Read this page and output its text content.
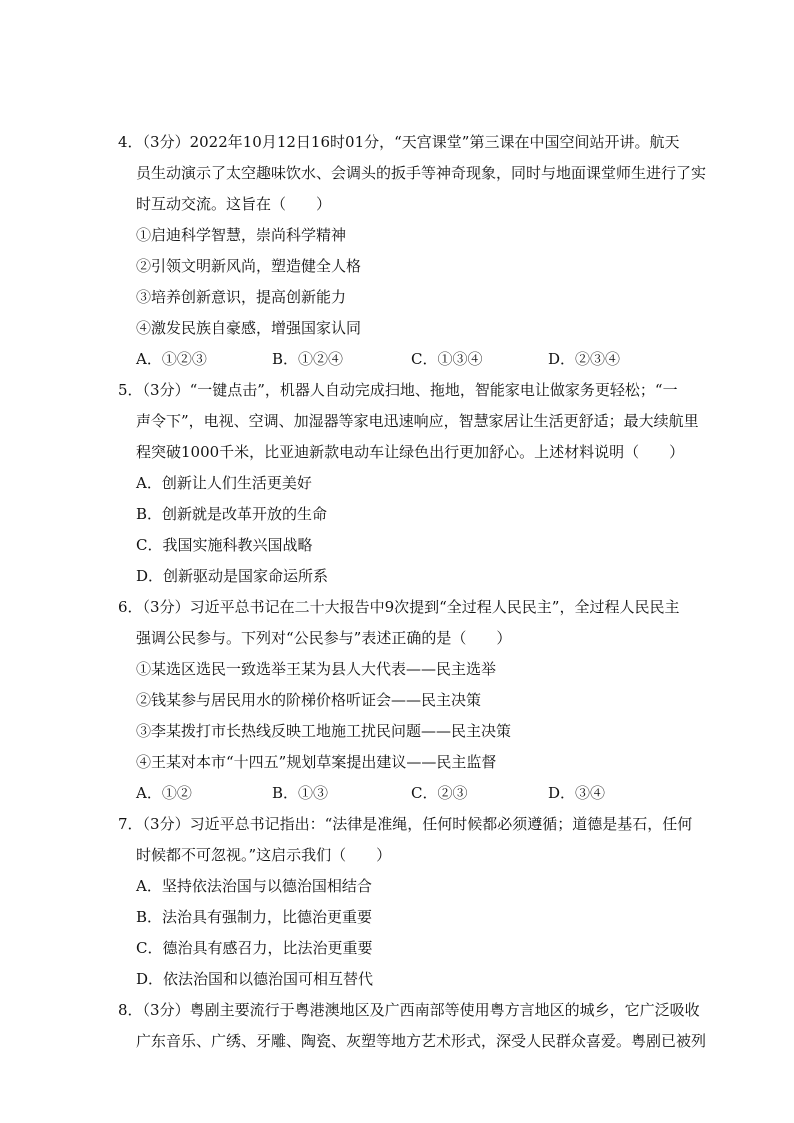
4．（3分）2022年10月12日16时01分，“天宫课堂”第三课在中国空间站开讲。航天
员生动演示了太空趣味饮水、会调头的扳手等神奇现象，同时与地面课堂师生进行了实
时互动交流。这旨在（　　）
①启迪科学智慧，崇尚科学精神
②引领文明新风尚，塑造健全人格
③培养创新意识，提高创新能力
④激发民族自豪感，增强国家认同
A．①②③	B．①②④	C．①③④	D．②③④
5．（3分）“一键点击”，机器人自动完成扫地、拖地，智能家电让做家务更轻松；“一
声令下”，电视、空调、加湿器等家电迅速响应，智慧家居让生活更舒适；最大续航里
程突破1000千米，比亚迪新款电动车让绿色出行更加舒心。上述材料说明（　　）
A．创新让人们生活更美好
B．创新就是改革开放的生命
C．我国实施科教兴国战略
D．创新驱动是国家命运所系
6．（3分）习近平总书记在二十大报告中9次提到“全过程人民民主”，全过程人民民主
强调公民参与。下列对“公民参与”表述正确的是（　　）
①某选区选民一致选举王某为县人大代表——民主选举
②钱某参与居民用水的阶梯价格听证会——民主决策
③李某拨打市长热线反映工地施工扰民问题——民主决策
④王某对本市“十四五”规划草案提出建议——民主监督
A．①②	B．①③	C．②③	D．③④
7．（3分）习近平总书记指出：“法律是准绳，任何时候都必须遵循；道德是基石，任何
时候都不可忽视。”这启示我们（　　）
A．坚持依法治国与以德治国相结合
B．法治具有强制力，比德治更重要
C．德治具有感召力，比法治更重要
D．依法治国和以德治国可相互替代
8．（3分）粤剧主要流行于粤港澳地区及广西南部等使用粤方言地区的城乡，它广泛吸收
广东音乐、广绣、牙雕、陶瓷、灰塑等地方艺术形式，深受人民群众喜爱。粤剧已被列
